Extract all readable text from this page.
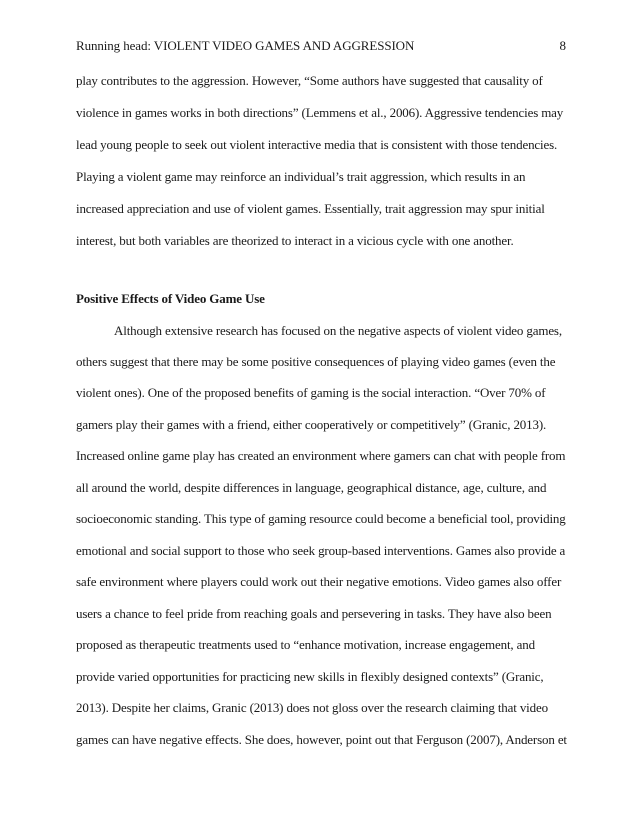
Running head: VIOLENT VIDEO GAMES AND AGGRESSION	8
play contributes to the aggression. However, “Some authors have suggested that causality of
violence in games works in both directions” (Lemmens et al., 2006). Aggressive tendencies may
lead young people to seek out violent interactive media that is consistent with those tendencies.
Playing a violent game may reinforce an individual’s trait aggression, which results in an
increased appreciation and use of violent games. Essentially, trait aggression may spur initial
interest, but both variables are theorized to interact in a vicious cycle with one another.
Positive Effects of Video Game Use
Although extensive research has focused on the negative aspects of violent video games,
others suggest that there may be some positive consequences of playing video games (even the
violent ones). One of the proposed benefits of gaming is the social interaction. “Over 70% of
gamers play their games with a friend, either cooperatively or competitively” (Granic, 2013).
Increased online game play has created an environment where gamers can chat with people from
all around the world, despite differences in language, geographical distance, age, culture, and
socioeconomic standing. This type of gaming resource could become a beneficial tool, providing
emotional and social support to those who seek group-based interventions. Games also provide a
safe environment where players could work out their negative emotions. Video games also offer
users a chance to feel pride from reaching goals and persevering in tasks. They have also been
proposed as therapeutic treatments used to “enhance motivation, increase engagement, and
provide varied opportunities for practicing new skills in flexibly designed contexts” (Granic,
2013). Despite her claims, Granic (2013) does not gloss over the research claiming that video
games can have negative effects. She does, however, point out that Ferguson (2007), Anderson et
